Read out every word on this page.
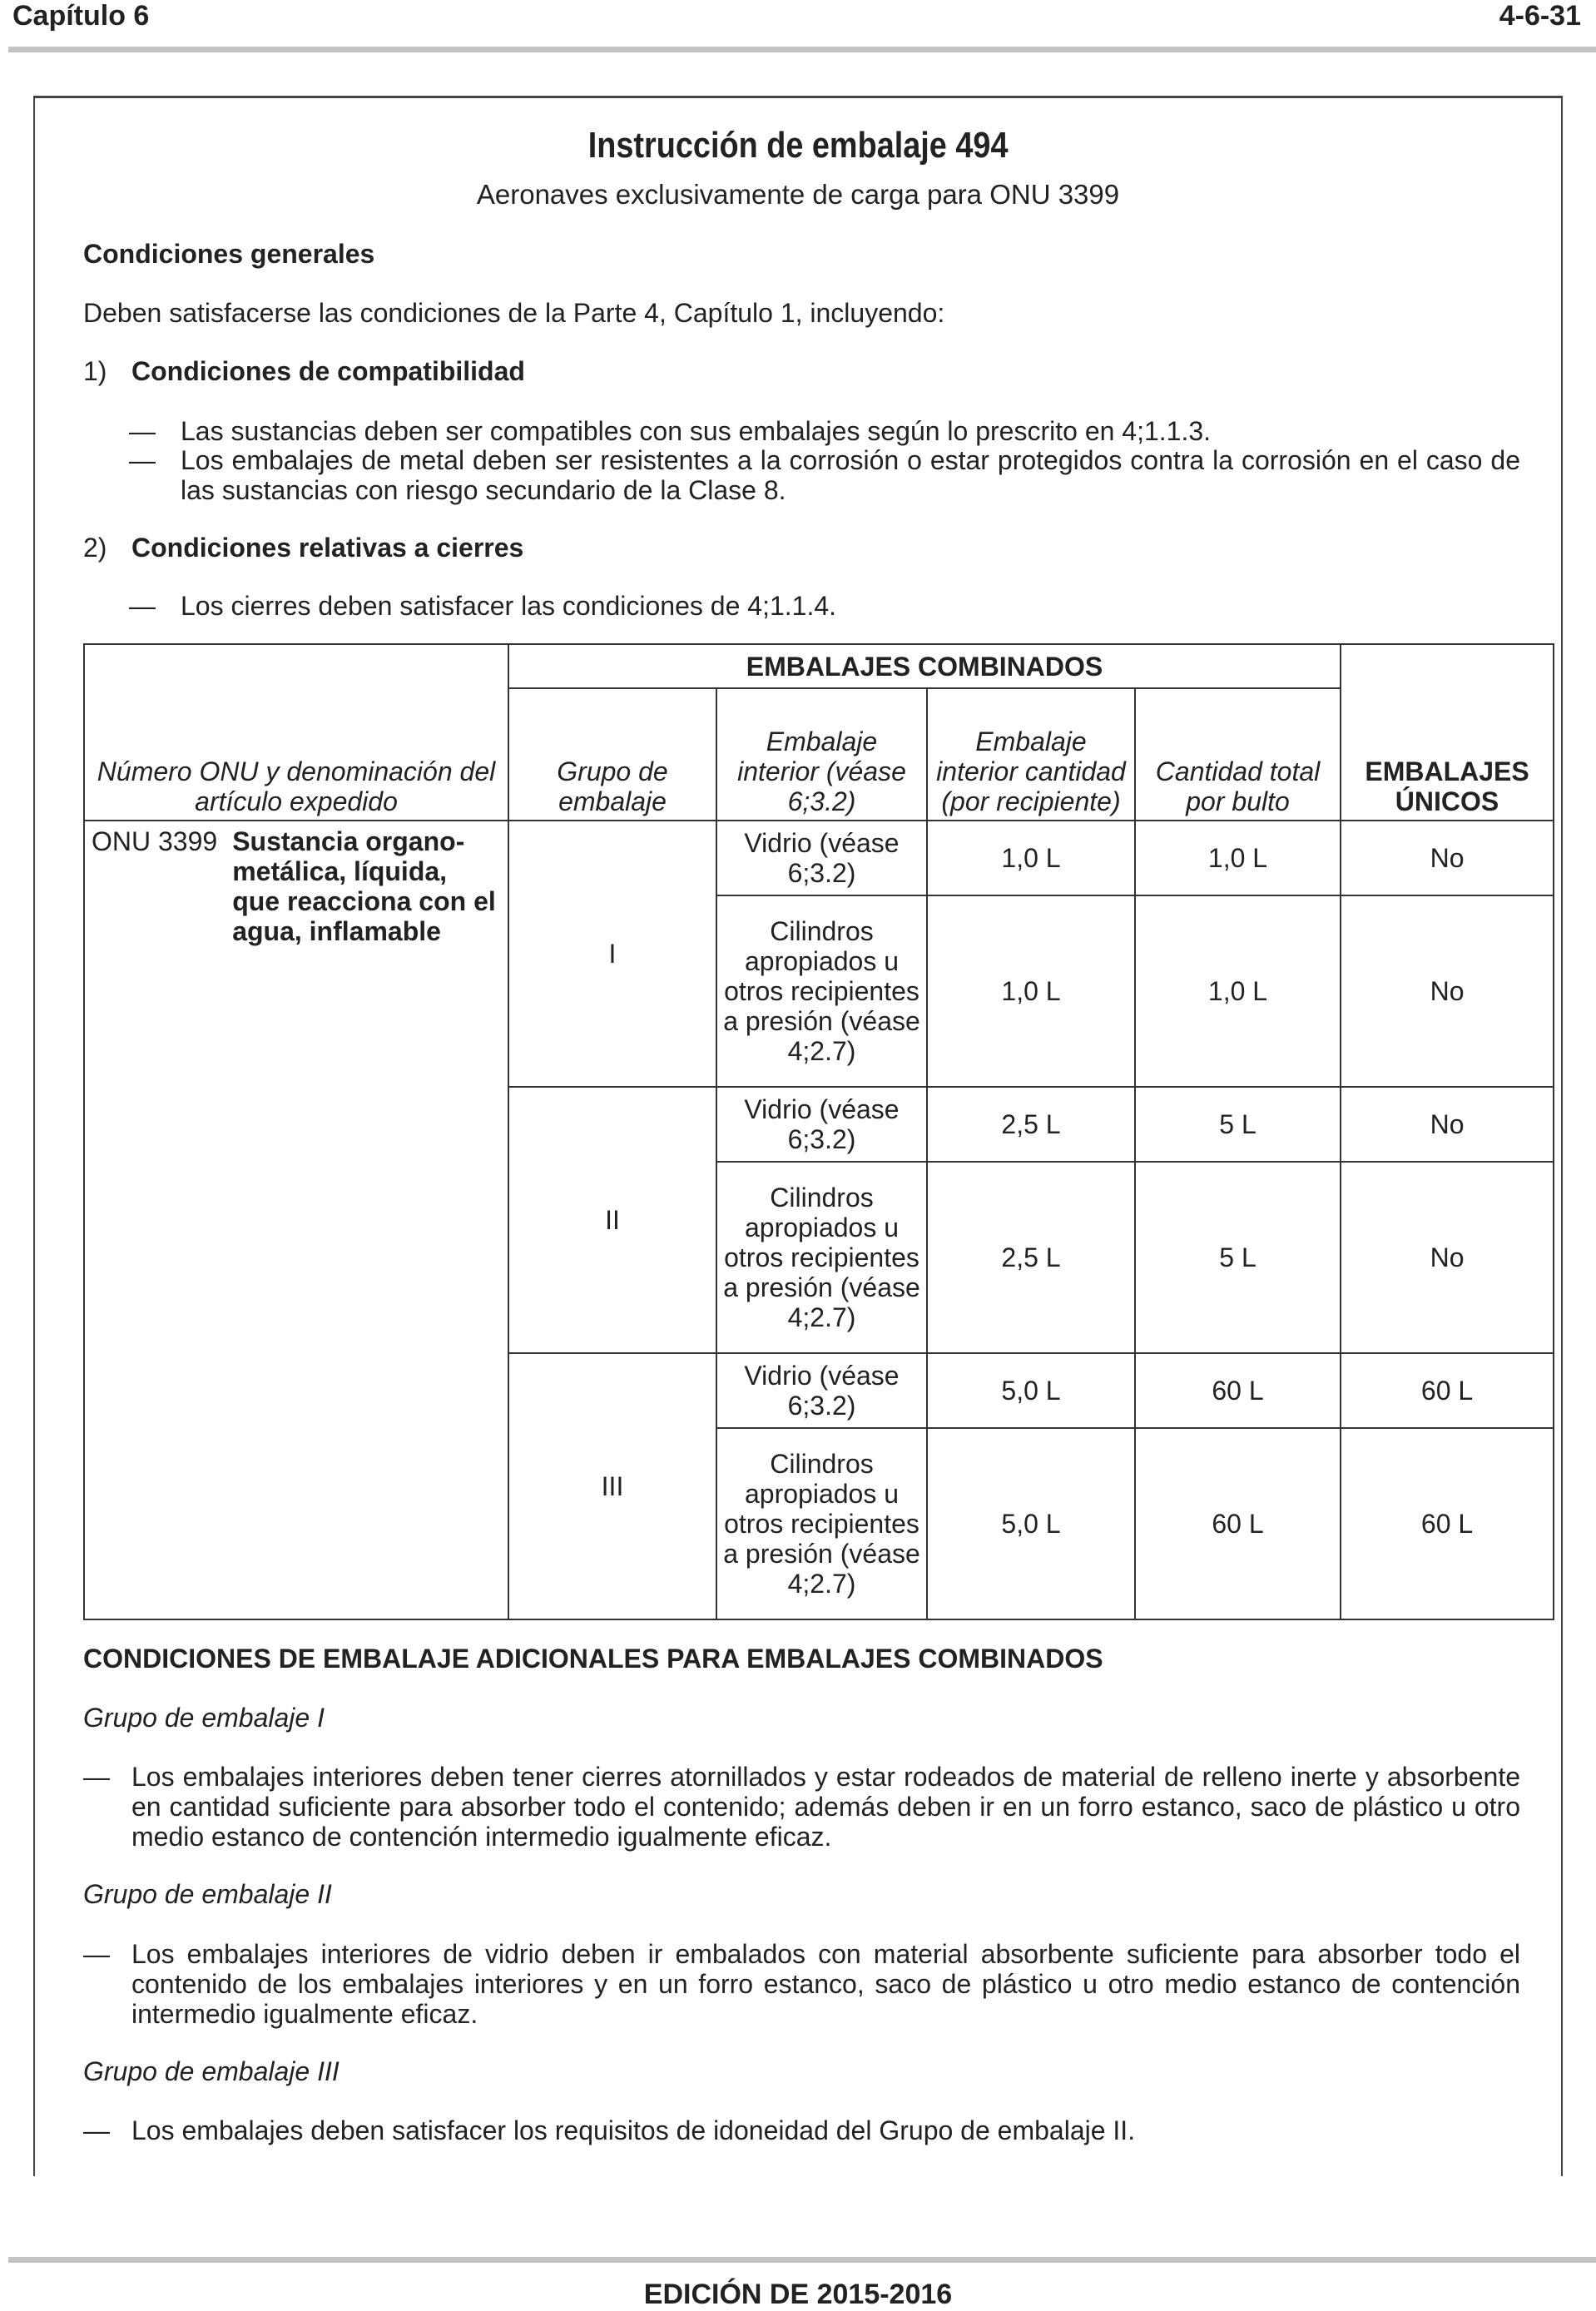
Capítulo 6	4-6-31
Instrucción de embalaje 494
Aeronaves exclusivamente de carga para ONU 3399
Condiciones generales
Deben satisfacerse las condiciones de la Parte 4, Capítulo 1, incluyendo:
1) Condiciones de compatibilidad
— Las sustancias deben ser compatibles con sus embalajes según lo prescrito en 4;1.1.3.
— Los embalajes de metal deben ser resistentes a la corrosión o estar protegidos contra la corrosión en el caso de las sustancias con riesgo secundario de la Clase 8.
2) Condiciones relativas a cierres
— Los cierres deben satisfacer las condiciones de 4;1.1.4.
	EMBALAJES COMBINADOS				EMBALAJES ÚNICOS
Número ONU y denominación del artículo expedido	Grupo de embalaje	Embalaje interior (véase 6;3.2)	Embalaje interior cantidad (por recipiente)	Cantidad total por bulto	

ONU 3399 Sustancia organo-metálica, líquida, que reacciona con el agua, inflamable	I	Vidrio (véase 6;3.2)	1,0 L	1,0 L	No
		Cilindros apropiados u otros recipientes a presión (véase 4;2.7)	1,0 L	1,0 L	No
	II	Vidrio (véase 6;3.2)	2,5 L	5 L	No
		Cilindros apropiados u otros recipientes a presión (véase 4;2.7)	2,5 L	5 L	No
	III	Vidrio (véase 6;3.2)	5,0 L	60 L	60 L
		Cilindros apropiados u otros recipientes a presión (véase 4;2.7)	5,0 L	60 L	60 L
CONDICIONES DE EMBALAJE ADICIONALES PARA EMBALAJES COMBINADOS
Grupo de embalaje I
— Los embalajes interiores deben tener cierres atornillados y estar rodeados de material de relleno inerte y absorbente en cantidad suficiente para absorber todo el contenido; además deben ir en un forro estanco, saco de plástico u otro medio estanco de contención intermedio igualmente eficaz.
Grupo de embalaje II
— Los embalajes interiores de vidrio deben ir embalados con material absorbente suficiente para absorber todo el contenido de los embalajes interiores y en un forro estanco, saco de plástico u otro medio estanco de contención intermedio igualmente eficaz.
Grupo de embalaje III
— Los embalajes deben satisfacer los requisitos de idoneidad del Grupo de embalaje II.
EDICIÓN DE 2015-2016
